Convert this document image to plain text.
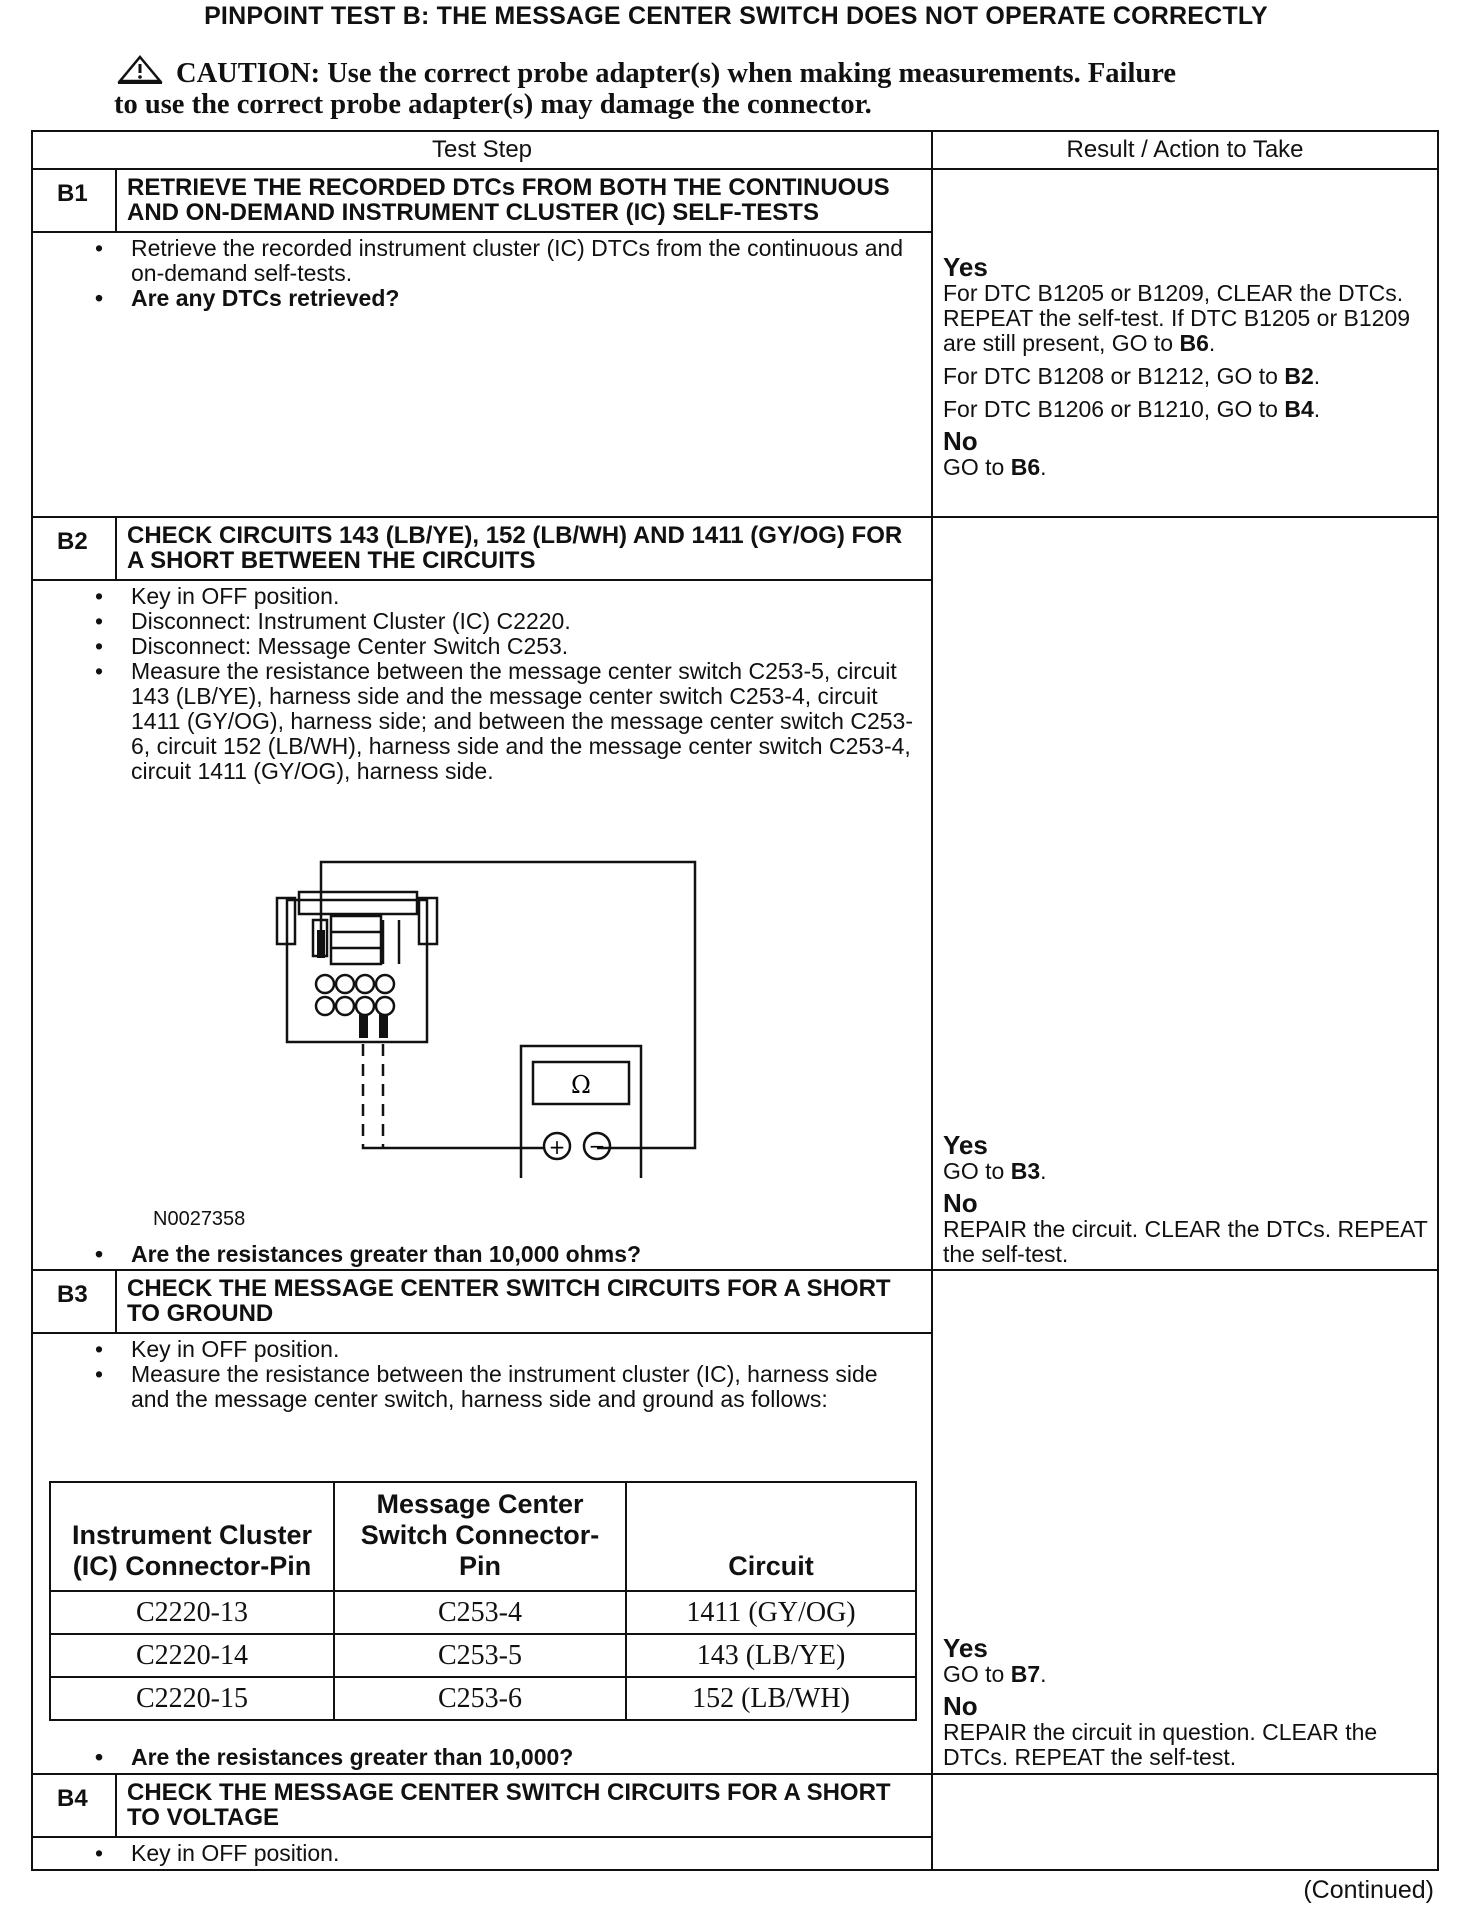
PINPOINT TEST B: THE MESSAGE CENTER SWITCH DOES NOT OPERATE CORRECTLY
CAUTION: Use the correct probe adapter(s) when making measurements. Failure
to use the correct probe adapter(s) may damage the connector.
Test Step	Result / Action to Take
B1	RETRIEVE THE RECORDED DTCs FROM BOTH THE CONTINUOUS AND ON-DEMAND INSTRUMENT CLUSTER (IC) SELF-TESTS
• Retrieve the recorded instrument cluster (IC) DTCs from the continuous and on-demand self-tests.
• Are any DTCs retrieved?
Yes

For DTC B1205 or B1209, CLEAR the DTCs. REPEAT the self-test. If DTC B1205 or B1209 are still present, GO to B6.

For DTC B1208 or B1212, GO to B2.

For DTC B1206 or B1210, GO to B4.

No
GO to B6.
B2	CHECK CIRCUITS 143 (LB/YE), 152 (LB/WH) AND 1411 (GY/OG) FOR A SHORT BETWEEN THE CIRCUITS
• Key in OFF position.
• Disconnect: Instrument Cluster (IC) C2220.
• Disconnect: Message Center Switch C253.
• Measure the resistance between the message center switch C253-5, circuit 143 (LB/YE), harness side and the message center switch C253-4, circuit 1411 (GY/OG), harness side; and between the message center switch C253-6, circuit 152 (LB/WH), harness side and the message center switch C253-4, circuit 1411 (GY/OG), harness side.
Ω
+ −
N0027358
• Are the resistances greater than 10,000 ohms?
Yes
GO to B3.
No
REPAIR the circuit. CLEAR the DTCs. REPEAT the self-test.
B3	CHECK THE MESSAGE CENTER SWITCH CIRCUITS FOR A SHORT TO GROUND
• Key in OFF position.
• Measure the resistance between the instrument cluster (IC), harness side and the message center switch, harness side and ground as follows:
Instrument Cluster (IC) Connector-Pin	Message Center Switch Connector-Pin	Circuit
C2220-13	C253-4	1411 (GY/OG)
C2220-14	C253-5	143 (LB/YE)
C2220-15	C253-6	152 (LB/WH)
• Are the resistances greater than 10,000?
Yes
GO to B7.
No
REPAIR the circuit in question. CLEAR the DTCs. REPEAT the self-test.
B4	CHECK THE MESSAGE CENTER SWITCH CIRCUITS FOR A SHORT TO VOLTAGE
• Key in OFF position.
(Continued)
